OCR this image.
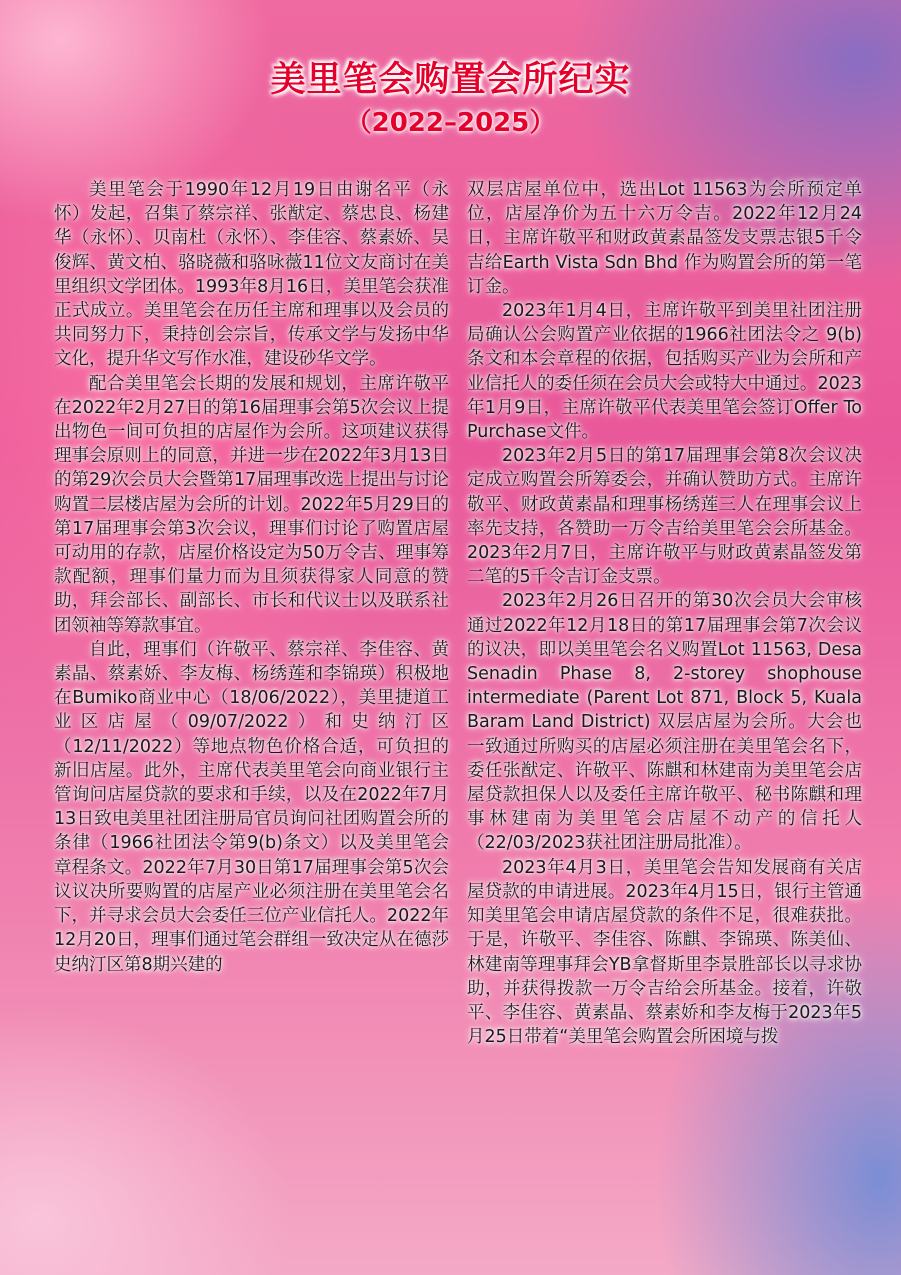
美里笔会购置会所纪实
（2022–2025）

美里笔会于1990年12月19日由谢名平（永怀）发起，召集了蔡宗祥、张猷定、蔡忠良、杨建华（永怀）、贝南杜（永怀）、李佳容、蔡素娇、吴俊辉、黄文柏、骆晓薇和骆咏薇11位文友商讨在美里组织文学团体。1993年8月16日，美里笔会获准正式成立。美里笔会在历任主席和理事以及会员的共同努力下，秉持创会宗旨，传承文学与发扬中华文化，提升华文写作水准，建设砂华文学。

配合美里笔会长期的发展和规划，主席许敬平在2022年2月27日的第16届理事会第5次会议上提出物色一间可负担的店屋作为会所。这项建议获得理事会原则上的同意，并进一步在2022年3月13日的第29次会员大会暨第17届理事改选上提出与讨论购置二层楼店屋为会所的计划。2022年5月29日的第17届理事会第3次会议，理事们讨论了购置店屋可动用的存款，店屋价格设定为50万令吉、理事筹款配额，理事们量力而为且须获得家人同意的赞助，拜会部长、副部长、市长和代议士以及联系社团领袖等筹款事宜。

自此，理事们（许敬平、蔡宗祥、李佳容、黄素晶、蔡素娇、李友梅、杨绣莲和李锦瑛）积极地在Bumiko商业中心（18/06/2022），美里捷道工业区店屋（09/07/2022）和史纳汀区（12/11/2022）等地点物色价格合适，可负担的新旧店屋。此外，主席代表美里笔会向商业银行主管询问店屋贷款的要求和手续，以及在2022年7月13日致电美里社团注册局官员询问社团购置会所的条律（1966社团法令第9(b)条文）以及美里笔会章程条文。2022年7月30日第17届理事会第5次会议议决所要购置的店屋产业必须注册在美里笔会名下，并寻求会员大会委任三位产业信托人。2022年12月20日，理事们通过笔会群组一致决定从在德莎史纳汀区第8期兴建的

双层店屋单位中，选出Lot 11563为会所预定单位，店屋净价为五十六万令吉。2022年12月24日，主席许敬平和财政黄素晶签发支票志银5千令吉给Earth Vista Sdn Bhd 作为购置会所的第一笔订金。

2023年1月4日，主席许敬平到美里社团注册局确认公会购置产业依据的1966社团法令之 9(b) 条文和本会章程的依据，包括购买产业为会所和产业信托人的委任须在会员大会或特大中通过。2023年1月9日，主席许敬平代表美里笔会签订Offer To Purchase文件。

2023年2月5日的第17届理事会第8次会议决定成立购置会所筹委会，并确认赞助方式。主席许敬平、财政黄素晶和理事杨绣莲三人在理事会议上率先支持，各赞助一万令吉给美里笔会会所基金。2023年2月7日，主席许敬平与财政黄素晶签发第二笔的5千令吉订金支票。

2023年2月26日召开的第30次会员大会审核通过2022年12月18日的第17届理事会第7次会议的议决，即以美里笔会名义购置Lot 11563, Desa Senadin Phase 8, 2-storey shophouse intermediate (Parent Lot 871, Block 5, Kuala Baram Land District) 双层店屋为会所。大会也一致通过所购买的店屋必须注册在美里笔会名下，委任张猷定、许敬平、陈麒和林建南为美里笔会店屋贷款担保人以及委任主席许敬平、秘书陈麒和理事林建南为美里笔会店屋不动产的信托人（22/03/2023获社团注册局批准）。

2023年4月3日，美里笔会告知发展商有关店屋贷款的申请进展。2023年4月15日，银行主管通知美里笔会申请店屋贷款的条件不足，很难获批。于是，许敬平、李佳容、陈麒、李锦瑛、陈美仙、林建南等理事拜会YB拿督斯里李景胜部长以寻求协助，并获得拨款一万令吉给会所基金。接着，许敬平、李佳容、黄素晶、蔡素娇和李友梅于2023年5月25日带着“美里笔会购置会所困境与拨
